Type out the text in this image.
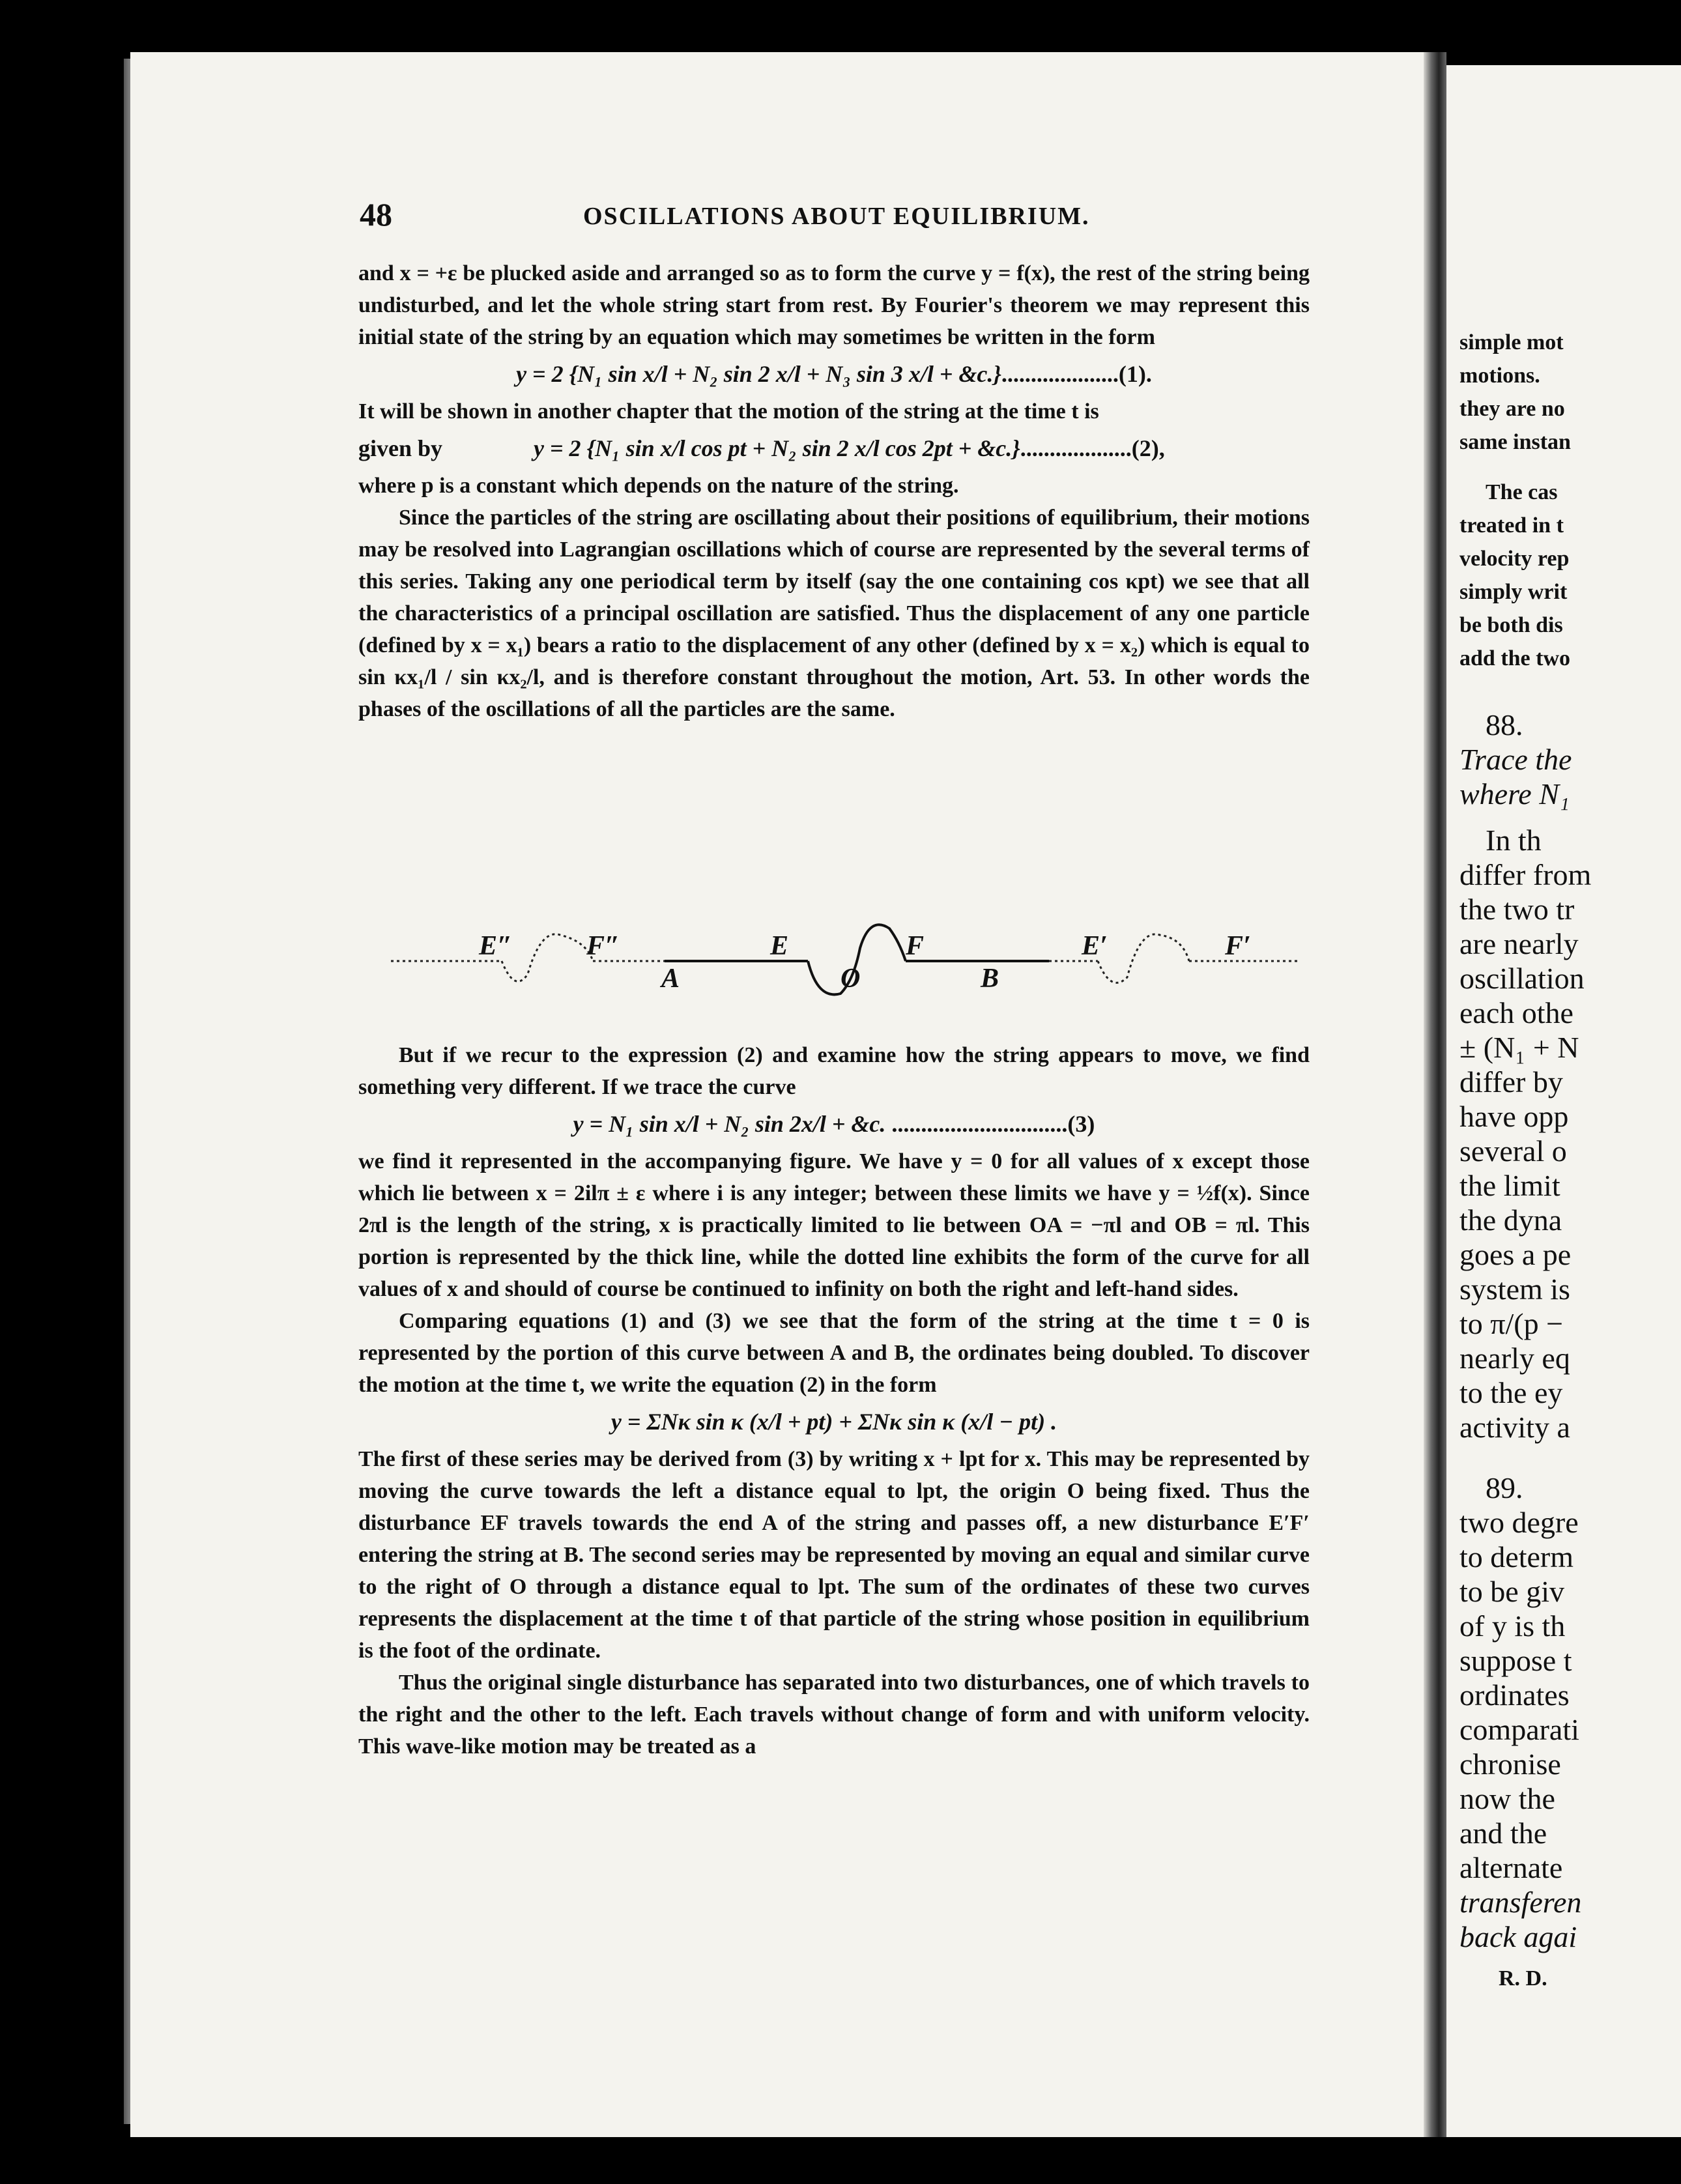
48	OSCILLATIONS ABOUT EQUILIBRIUM.

and x = +ε be plucked aside and arranged so as to form the curve y = f(x), the rest of the string being undisturbed, and let the whole string start from rest. By Fourier's theorem we may represent this initial state of the string by an equation which may sometimes be written in the form

y = 2 {N₁ sin x/l + N₂ sin 2 x/l + N₃ sin 3 x/l + &c.}....................(1).

It will be shown in another chapter that the motion of the string at the time t is

given by	y = 2 {N₁ sin x/l cos pt + N₂ sin 2 x/l cos 2pt + &c.}...................(2),

where p is a constant which depends on the nature of the string.

Since the particles of the string are oscillating about their positions of equilibrium, their motions may be resolved into Lagrangian oscillations which of course are represented by the several terms of this series. Taking any one periodical term by itself (say the one containing cos κpt) we see that all the characteristics of a principal oscillation are satisfied. Thus the displacement of any one particle (defined by x = x₁) bears a ratio to the displacement of any other (defined by x = x₂) which is equal to sin κx₁/l / sin κx₂/l, and is therefore constant throughout the motion, Art. 53. In other words the phases of the oscillations of all the particles are the same.

E″	F″
A
E
O
F
B
E′	F′

But if we recur to the expression (2) and examine how the string appears to move, we find something very different. If we trace the curve

y = N₁ sin x/l + N₂ sin 2x/l + &c. ..............................(3)

we find it represented in the accompanying figure. We have y = 0 for all values of x except those which lie between x = 2ilπ ± ε where i is any integer; between these limits we have y = ½f(x). Since 2πl is the length of the string, x is practically limited to lie between OA = −πl and OB = πl. This portion is represented by the thick line, while the dotted line exhibits the form of the curve for all values of x and should of course be continued to infinity on both the right and left-hand sides.

Comparing equations (1) and (3) we see that the form of the string at the time t = 0 is represented by the portion of this curve between A and B, the ordinates being doubled. To discover the motion at the time t, we write the equation (2) in the form

y = ΣNκ sin κ (x/l + pt) + ΣNκ sin κ (x/l − pt) .

The first of these series may be derived from (3) by writing x + lpt for x. This may be represented by moving the curve towards the left a distance equal to lpt, the origin O being fixed. Thus the disturbance EF travels towards the end A of the string and passes off, a new disturbance E′F′ entering the string at B. The second series may be represented by moving an equal and similar curve to the right of O through a distance equal to lpt. The sum of the ordinates of these two curves represents the displacement at the time t of that particle of the string whose position in equilibrium is the foot of the ordinate.

Thus the original single disturbance has separated into two disturbances, one of which travels to the right and the other to the left. Each travels without change of form and with uniform velocity. This wave-like motion may be treated as a

simple mot
motions.
they are no
same instan
The cas
treated in t
velocity rep
simply writ
be both dis
add the two
88.
Trace the
where N₁
In th
differ from
the two tr
are nearly
oscillation
each othe
± (N₁ + N
differ by
have opp
several o
the limit
the dyna
goes a pe
system is
to π/(p −
nearly eq
to the ey
activity a
89.
two degre
to determ
to be giv
of y is th
suppose t
ordinates
comparati
chronise
now the
and the
alternate
transferen
back agai
R. D.
